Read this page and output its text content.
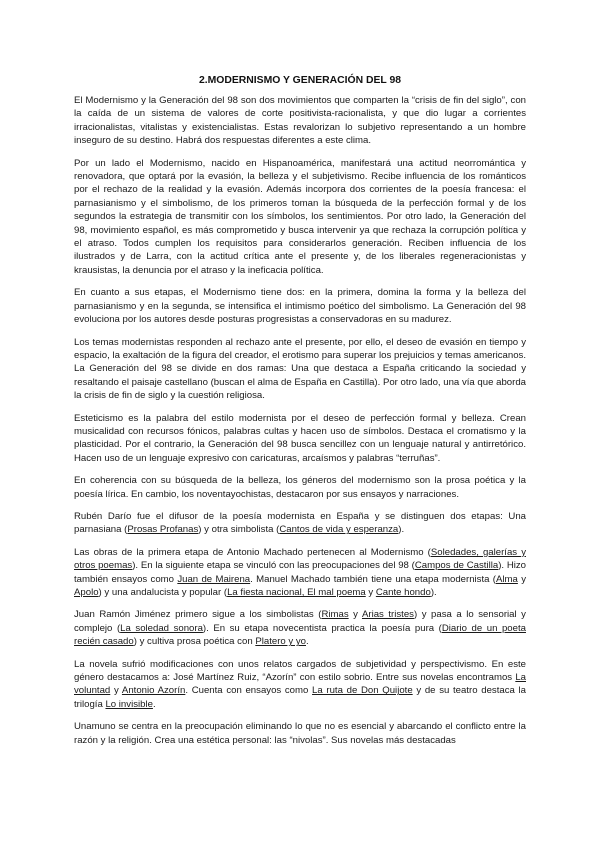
2.MODERNISMO Y GENERACIÓN DEL 98

El Modernismo y la Generación del 98 son dos movimientos que comparten la “crisis de fin del siglo”, con la caída de un sistema de valores de corte positivista-racionalista, y que dio lugar a corrientes irracionalistas, vitalistas y existencialistas. Estas revalorizan lo subjetivo representando a un hombre inseguro de su destino. Habrá dos respuestas diferentes a este clima.

Por un lado el Modernismo, nacido en Hispanoamérica, manifestará una actitud neorromántica y renovadora, que optará por la evasión, la belleza y el subjetivismo. Recibe influencia de los románticos por el rechazo de la realidad y la evasión. Además incorpora dos corrientes de la poesía francesa: el parnasianismo y el simbolismo, de los primeros toman la búsqueda de la perfección formal y de los segundos la estrategia de transmitir con los símbolos, los sentimientos. Por otro lado, la Generación del 98, movimiento español, es más comprometido y busca intervenir ya que rechaza la corrupción política y el atraso. Todos cumplen los requisitos para considerarlos generación. Reciben influencia de los ilustrados y de Larra, con la actitud crítica ante el presente y, de los liberales regeneracionistas y krausistas, la denuncia por el atraso y la ineficacia política.

En cuanto a sus etapas, el Modernismo tiene dos: en la primera, domina la forma y la belleza del parnasianismo y en la segunda, se intensifica el intimismo poético del simbolismo. La Generación del 98 evoluciona por los autores desde posturas progresistas a conservadoras en su madurez.

Los temas modernistas responden al rechazo ante el presente, por ello, el deseo de evasión en tiempo y espacio, la exaltación de la figura del creador, el erotismo para superar los prejuicios y temas americanos. La Generación del 98 se divide en dos ramas: Una que destaca a España criticando la sociedad y resaltando el paisaje castellano (buscan el alma de España en Castilla). Por otro lado, una vía que aborda la crisis de fin de siglo y la cuestión religiosa.

Esteticismo es la palabra del estilo modernista por el deseo de perfección formal y belleza. Crean musicalidad con recursos fónicos, palabras cultas y hacen uso de símbolos. Destaca el cromatismo y la plasticidad. Por el contrario, la Generación del 98 busca sencillez con un lenguaje natural y antirretórico. Hacen uso de un lenguaje expresivo con caricaturas, arcaísmos y palabras “terruñas”.

En coherencia con su búsqueda de la belleza, los géneros del modernismo son la prosa poética y la poesía lírica. En cambio, los noventayochistas, destacaron por sus ensayos y narraciones.

Rubén Darío fue el difusor de la poesía modernista en España y se distinguen dos etapas: Una parnasiana (Prosas Profanas) y otra simbolista (Cantos de vida y esperanza).

Las obras de la primera etapa de Antonio Machado pertenecen al Modernismo (Soledades, galerías y otros poemas). En la siguiente etapa se vinculó con las preocupaciones del 98 (Campos de Castilla). Hizo también ensayos como Juan de Mairena. Manuel Machado también tiene una etapa modernista (Alma y Apolo) y una andalucista y popular (La fiesta nacional, El mal poema y Cante hondo).

Juan Ramón Jiménez primero sigue a los simbolistas (Rimas y Arias tristes) y pasa a lo sensorial y complejo (La soledad sonora). En su etapa novecentista practica la poesía pura (Diario de un poeta recién casado) y cultiva prosa poética con Platero y yo.

La novela sufrió modificaciones con unos relatos cargados de subjetividad y perspectivismo. En este género destacamos a: José Martínez Ruiz, “Azorín” con estilo sobrio. Entre sus novelas encontramos La voluntad y Antonio Azorín. Cuenta con ensayos como La ruta de Don Quijote y de su teatro destaca la trilogía Lo invisible.

Unamuno se centra en la preocupación eliminando lo que no es esencial y abarcando el conflicto entre la razón y la religión. Crea una estética personal: las “nivolas”. Sus novelas más destacadas
